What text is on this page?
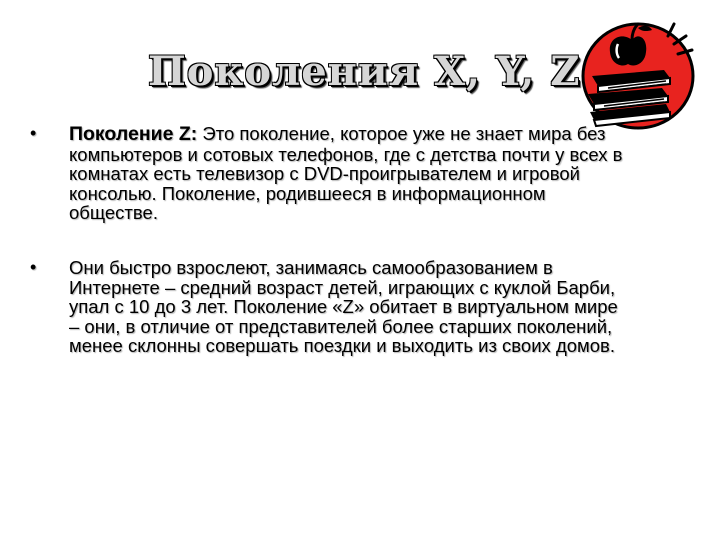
Поколения X, Y, Z
• Поколение Z: Это поколение, которое уже не знает мира без
компьютеров и сотовых телефонов, где с детства почти у всех в
комнатах есть телевизор с DVD-проигрывателем и игровой
консолью. Поколение, родившееся в информационном
обществе.
• Они быстро взрослеют, занимаясь самообразованием в
Интернете – средний возраст детей, играющих с куклой Барби,
упал с 10 до 3 лет. Поколение «Z» обитает в виртуальном мире
– они, в отличие от представителей более старших поколений,
менее склонны совершать поездки и выходить из своих домов.
